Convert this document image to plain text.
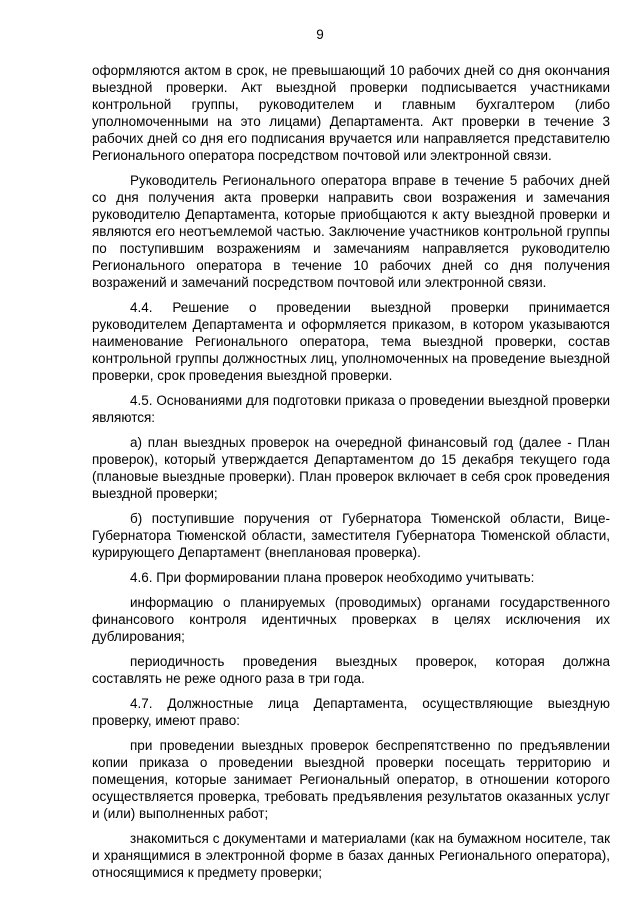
9

оформляются актом в срок, не превышающий 10 рабочих дней со дня окончания выездной проверки. Акт выездной проверки подписывается участниками контрольной группы, руководителем и главным бухгалтером (либо уполномоченными на это лицами) Департамента. Акт проверки в течение 3 рабочих дней со дня его подписания вручается или направляется представителю Регионального оператора посредством почтовой или электронной связи.

Руководитель Регионального оператора вправе в течение 5 рабочих дней со дня получения акта проверки направить свои возражения и замечания руководителю Департамента, которые приобщаются к акту выездной проверки и являются его неотъемлемой частью. Заключение участников контрольной группы по поступившим возражениям и замечаниям направляется руководителю Регионального оператора в течение 10 рабочих дней со дня получения возражений и замечаний посредством почтовой или электронной связи.

4.4. Решение о проведении выездной проверки принимается руководителем Департамента и оформляется приказом, в котором указываются наименование Регионального оператора, тема выездной проверки, состав контрольной группы должностных лиц, уполномоченных на проведение выездной проверки, срок проведения выездной проверки.

4.5. Основаниями для подготовки приказа о проведении выездной проверки являются:

а) план выездных проверок на очередной финансовый год (далее - План проверок), который утверждается Департаментом до 15 декабря текущего года (плановые выездные проверки). План проверок включает в себя срок проведения выездной проверки;

б) поступившие поручения от Губернатора Тюменской области, Вице-Губернатора Тюменской области, заместителя Губернатора Тюменской области, курирующего Департамент (внеплановая проверка).

4.6. При формировании плана проверок необходимо учитывать:

информацию о планируемых (проводимых) органами государственного финансового контроля идентичных проверках в целях исключения их дублирования;

периодичность проведения выездных проверок, которая должна составлять не реже одного раза в три года.

4.7. Должностные лица Департамента, осуществляющие выездную проверку, имеют право:

при проведении выездных проверок беспрепятственно по предъявлении копии приказа о проведении выездной проверки посещать территорию и помещения, которые занимает Региональный оператор, в отношении которого осуществляется проверка, требовать предъявления результатов оказанных услуг и (или) выполненных работ;

знакомиться с документами и материалами (как на бумажном носителе, так и хранящимися в электронной форме в базах данных Регионального оператора), относящимися к предмету проверки;
